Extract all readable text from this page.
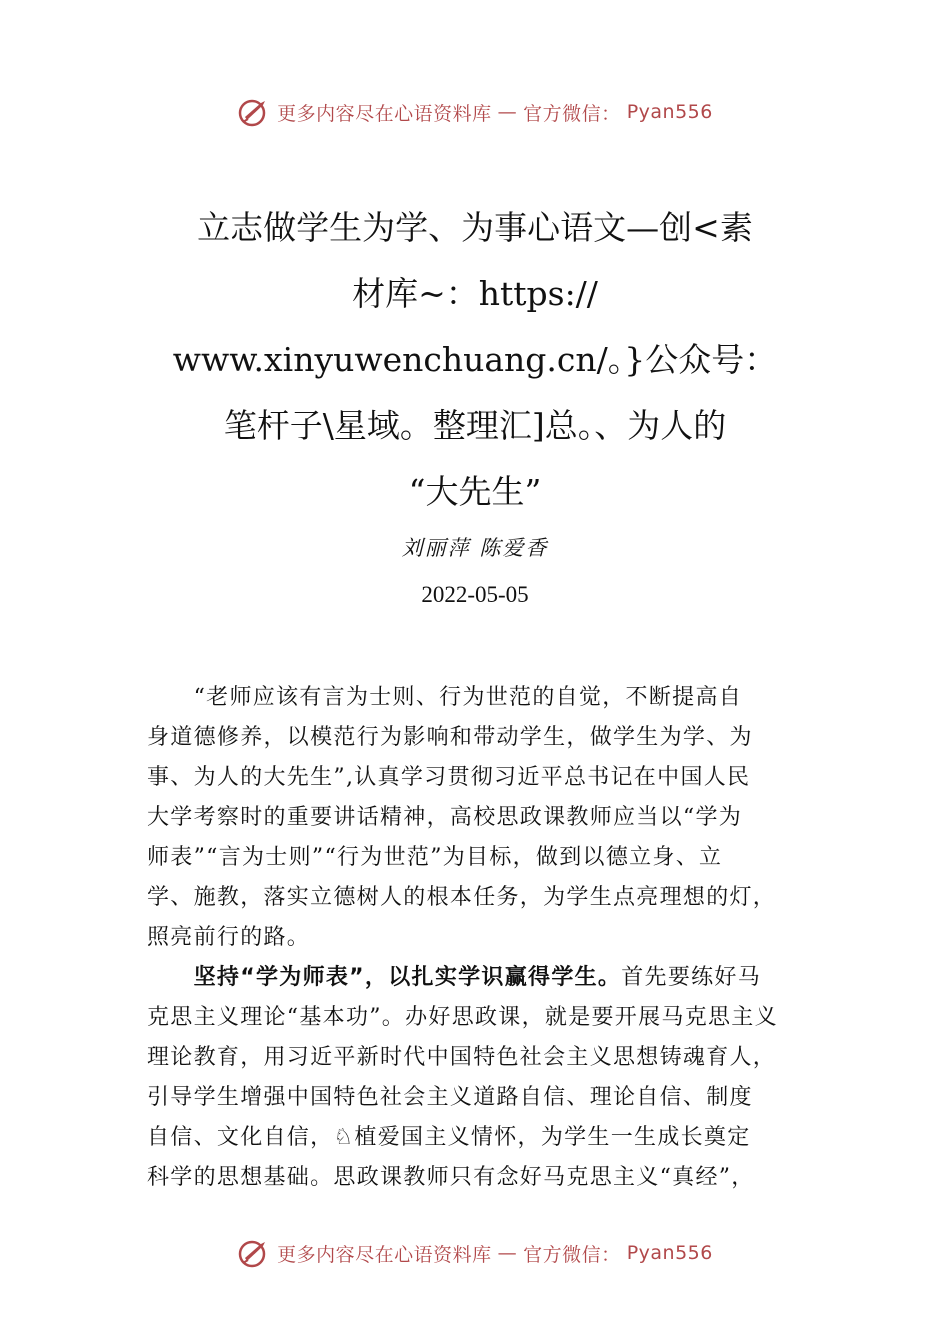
更多内容尽在心语资料库 — 官方微信： Pyan556
立志做学生为学、为事心语文—创<素
材库~：https://
www.xinyuwenchuang.cn/。}公众号：
笔杆子\星域。整理汇]总。、为人的
“大先生”
刘丽萍 陈爱香
2022-05-05
　　“老师应该有言为士则、行为世范的自觉，不断提高自
身道德修养，以模范行为影响和带动学生，做学生为学、为
事、为人的大先生”,认真学习贯彻习近平总书记在中国人民
大学考察时的重要讲话精神，高校思政课教师应当以“学为
师表”“言为士则”“行为世范”为目标，做到以德立身、立
学、施教，落实立德树人的根本任务，为学生点亮理想的灯，
照亮前行的路。
　　坚持“学为师表”，以扎实学识赢得学生。首先要练好马
克思主义理论“基本功”。办好思政课，就是要开展马克思主义
理论教育，用习近平新时代中国特色社会主义思想铸魂育人，
引导学生增强中国特色社会主义道路自信、理论自信、制度
自信、文化自信，♘植爱国主义情怀，为学生一生成长奠定
科学的思想基础。思政课教师只有念好马克思主义“真经”，
更多内容尽在心语资料库 — 官方微信： Pyan556
